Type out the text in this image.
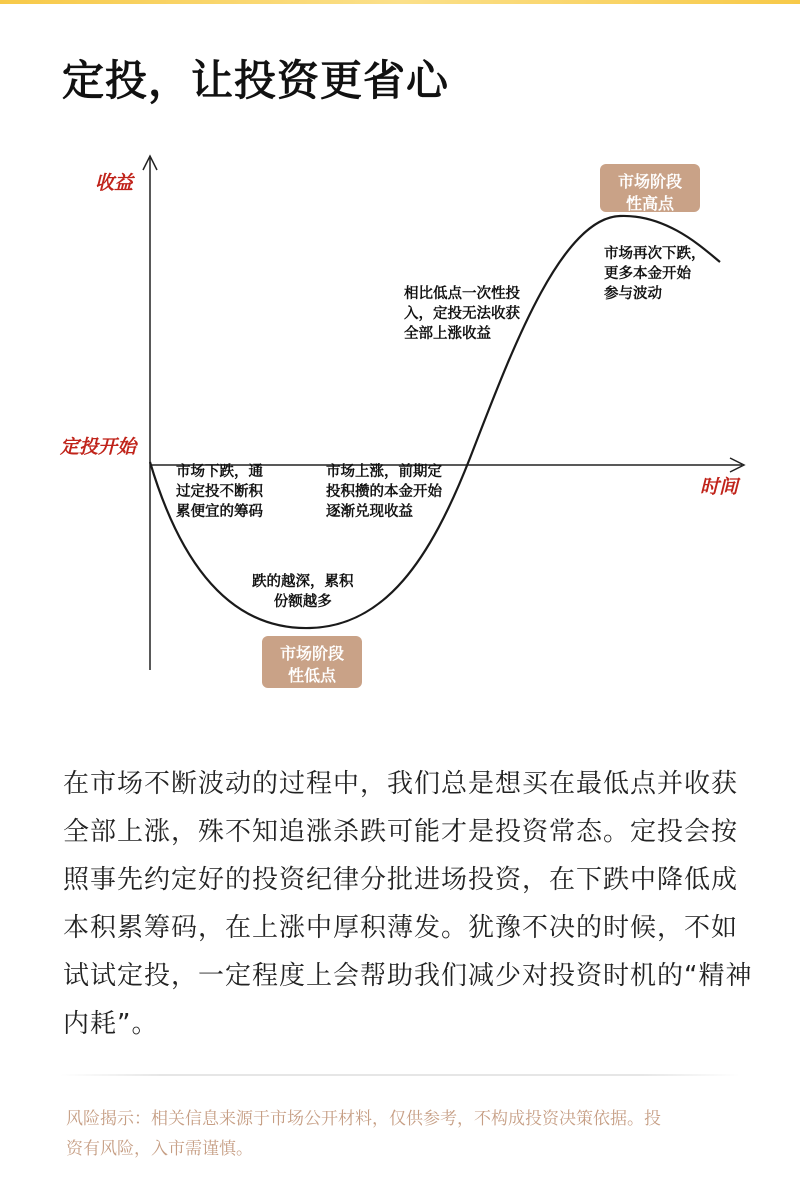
定投，让投资更省心
收益
定投开始
时间
市场下跌，通
过定投不断积
累便宜的筹码
跌的越深，累积
份额越多
市场上涨，前期定
投积攒的本金开始
逐渐兑现收益
相比低点一次性投
入，定投无法收获
全部上涨收益
市场再次下跌，
更多本金开始
参与波动
市场阶段
性低点
市场阶段
性高点
在市场不断波动的过程中，我们总是想买在最低点并收获全部上涨，殊不知追涨杀跌可能才是投资常态。定投会按照事先约定好的投资纪律分批进场投资，在下跌中降低成本积累筹码，在上涨中厚积薄发。犹豫不决的时候，不如试试定投，一定程度上会帮助我们减少对投资时机的“精神内耗”。
风险揭示：相关信息来源于市场公开材料，仅供参考，不构成投资决策依据。投资有风险，入市需谨慎。
